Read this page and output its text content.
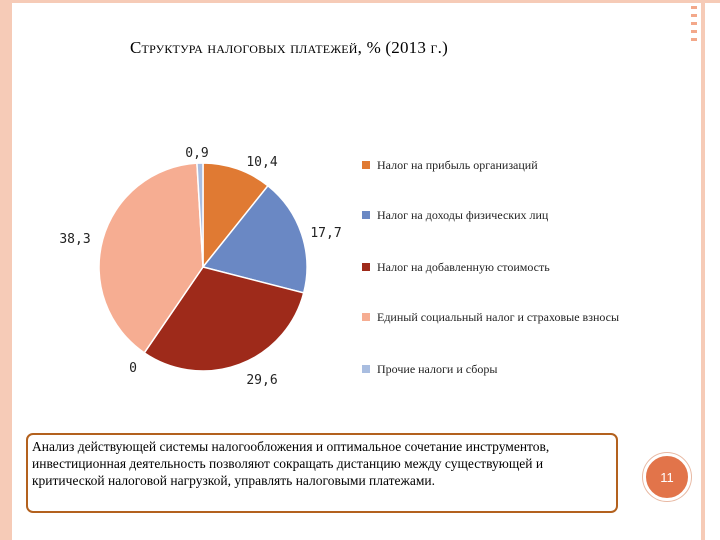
Структура налоговых платежей, % (2013 г.)
10,4
17,7
29,6
38,3
0,9
0
Налог на прибыль организаций
Налог на доходы физических лиц
Налог на добавленную стоимость
Единый социальный налог и страховые взносы
Прочие налоги и сборы
Анализ действующей системы налогообложения и оптимальное сочетание инструментов, инвестиционная деятельность позволяют сокращать дистанцию между существующей и критической налоговой нагрузкой, управлять налоговыми платежами.	11
